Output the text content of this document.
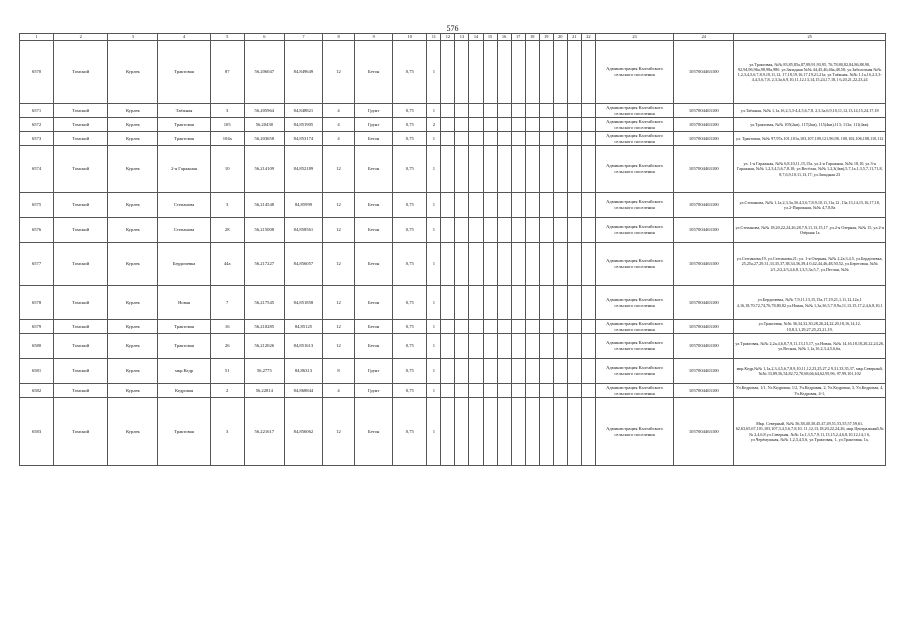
576
1	2	3	4	5	6	7	8	9	10	11	12	13	14	15	16	17	18	19	20	21	22	23	24	25
6570	Томский	Курлек	Трактовая	87	56,206047	84,849649	12	Бетон	0,75	1												Администрация Калтайского сельского поселения	1057004463100	ул.Трактовая, №№ 83,85,85а,87,89,91,93,95, 76,78,80,82,84,86,88,90, 92,94,96,96а,98,98а,98б. ул.Западная №№ 44,45,46,46а,48,50; ул.Заболотная №№ 1,2,3,4,5,6,7,8,9,10,11,12, 17,18,19,16,17,19,21,21а; ул.Таёжная, №№ 1,1а,1б,2,3,3-4,4,5,6,7,8, 2,3,3а,6,9,10,11,12,13,14,15,24,17,18,1 6,20,21,22,23,24
6571	Томский	Курлек	Таёжная	3	56,205964	84,848821	4	Грунт	0,75	1												Администрация Калтайского сельского поселения	1057004463100	ул.Таёжная, №№ 1,1а,1б,2,3,3-4,4,5,6,7,8, 2,3,3а,6,9,10,11,12,13,14,15,24,17,18
6572	Томский	Курлек	Трактовая	105	56,20438	84,851905	4	Грунт	0,75	2												Администрация Калтайского сельского поселения	1057004463100	ул.Трактовая, №№ 105(2кв), 117(2кв), 115(4кв),113; 113а; 111(4кв).
6573	Томский	Курлек	Трактовая	104а	56,203658	84,853174	4	Бетон	0,75	1												Администрация Калтайского сельского поселения	1057004463100	ул. Трактовая, №№ 97,97а,101,101а,103,107,109,121,96,98, 100,102,106,108,110,112
6574	Томский	Курлек	2-я Гаражная	10	56,214109	84,852189	12	Бетон	0,75	1												Администрация Калтайского сельского поселения	1057004463100	ул. 1-я Гаражная, №№ 6,8,10,11,15,15а, ул.2-я Гаражная, №№ 18,10, ул.3-я Гаражная, №№ 1,2,3,4,5,6,7,8,10; ул.Весёлая, №№ 1,2,3(4кв),5,7,1а,1,3,5,7,11,71,8, 8,7,6,9,10,11,13,17; ул.Западная 23
6575	Томский	Курлек	Степанова	3	56,214548	84,85999	12	Бетон	0,75	1												Администрация Калтайского сельского поселения	1057004463100	ул.Степанова, №№ 1,1а,2,3,3а,3б,4,5,6,7,8,9,10,11,11а,12 ,13а,13,14,15,16,17,18, ул.2-Пирожная, №№ 4,7,8,8а
6576	Томский	Курлек	Степанова	28	56,215008	84,858561	12	Бетон	0,75	1												Администрация Калтайского сельского поселения	1057004463100	ул.Степанова, №№ 18,20,22,24,26,28,7,9,11,13,15,17 ,ул.2-я Озерная, №№ 15, ул.2-я Озёрная 1а
6577	Томский	Курлек	Бердичевка	44а	56,217227	84,856057	12	Бетон	0,75	1												Администрация Калтайского сельского поселения	1057004463100	ул.Степанова,19, ул.Степанова,21; ул. 1-я Озерная, №№ 2,2а,3,4,5, ул.Бердичевка, 25,25а,27,29,31,33,35,37,38,34,36,39,4 0,42,44,46,48,50,52, ул.Береговая, №№ 2/1,2/2,2/3,4,6,8,1,3,5,3а,5,7, ул.Песчан, №№
6578	Томский	Курлек	Новая	7	56,217545	84,851858	12	Бетон	0,75	1												Администрация Калтайского сельского поселения	1057004463100	ул.Бердичевка, №№ 7,9,11,13,15,15а,17,19,21,1,11,12,12а,1 4,16,18,70,72,74,76,78,80,82 ул.Новая, №№ 1,3а,3б,5,7,9,9а,11,13,15,17,2,4,6,8,10,1
6579	Томский	Курлек	Трактовая	16	56,210285	84,85125	12	Бетон	0,75	1												Администрация Калтайского сельского поселения	1057004463100	ул.Трактовая, №№ 36,34,32,30,28,26,24,22,20,18,16,14,12, 10,8,3,1,29,27,25,23,21,19,
6580	Томский	Курлек	Трактовая	26	56,212026	84,851613	12	Бетон	0,75	1												Администрация Калтайского сельского поселения	1057004463100	ул.Трактовая, №№ 2,2а,4,6,8,7,9,11,13,15,17, ул.Новая, №№ 14,16,18,18,20,22,24,26, ул.Весная, №№ 1,1а,1б,2,3,4,5,6,6а,
6581	Томский	Курлек	мкр.Кедр	51	56,2775	84,86313	8	Грунт	0,75	1												Администрация Калтайского сельского поселения	1057004463100	мкр.Кедр,№№ 1,1а,2,3,4,5,6,7,8,9,10,11,12,23,25,27,2 9,31,33,35,37, мкр.Северный, №№ 33,89,56,54,82,72,70,68,66,64,62,95,96, 97,99,101,102
6582	Томский	Курлек	Кедровая	2	56,22814	84,868844	4	Грунт	0,75	1												Администрация Калтайского сельского поселения	1057004463100	Ул.Кедровая, 1/1, Ул.Кедровая, 1/2, Ул.Кедровая, 2, Ул.Кедровая, 3, Ул.Кедровая, 4, Ул.Кедровая, 4-1,
6583	Томский	Курлек	Трактовая	3	56,221617	84,856062	12	Бетон	0,75	1												Администрация Калтайского сельского поселения	1057004463100	Мкр. Северный, №№ 36,38,40,30,45,47,49,51,53,55,57,59,61, 62,63,65,67,101,103,107,3,4,5,6,7,8,10, 11,12,13,18,20,22,24,26, мкр.Центральный,№№ 2,4,6,8 ул.Северная, №№ 1а,1,3,5,7,9,11,13,15,2,4,6,8,10,12,14,1 6, ул.Черёмушная, №№ 1,2,3,4,5,6, ул.Трактовая, 1, ул.Трактовая, 1а,
